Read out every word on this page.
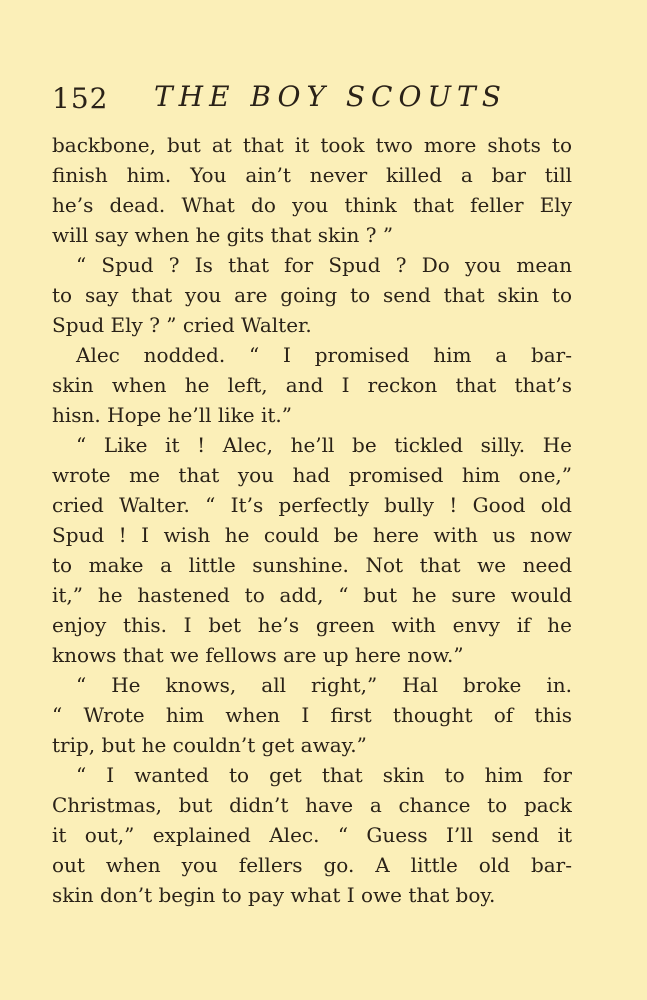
152 THE BOY SCOUTS
backbone, but at that it took two more shots to
finish him. You ain’t never killed a bar till
he’s dead. What do you think that feller Ely
will say when he gits that skin ? ”
“ Spud ? Is that for Spud ? Do you mean
to say that you are going to send that skin to
Spud Ely ? ” cried Walter.
Alec nodded. “ I promised him a bar-
skin when he left, and I reckon that that’s
hisn. Hope he’ll like it.”
“ Like it ! Alec, he’ll be tickled silly. He
wrote me that you had promised him one,”
cried Walter. “ It’s perfectly bully ! Good old
Spud ! I wish he could be here with us now
to make a little sunshine. Not that we need
it,” he hastened to add, “ but he sure would
enjoy this. I bet he’s green with envy if he
knows that we fellows are up here now.”
“ He knows, all right,” Hal broke in.
“ Wrote him when I first thought of this
trip, but he couldn’t get away.”
“ I wanted to get that skin to him for
Christmas, but didn’t have a chance to pack
it out,” explained Alec. “ Guess I’ll send it
out when you fellers go. A little old bar-
skin don’t begin to pay what I owe that boy.
